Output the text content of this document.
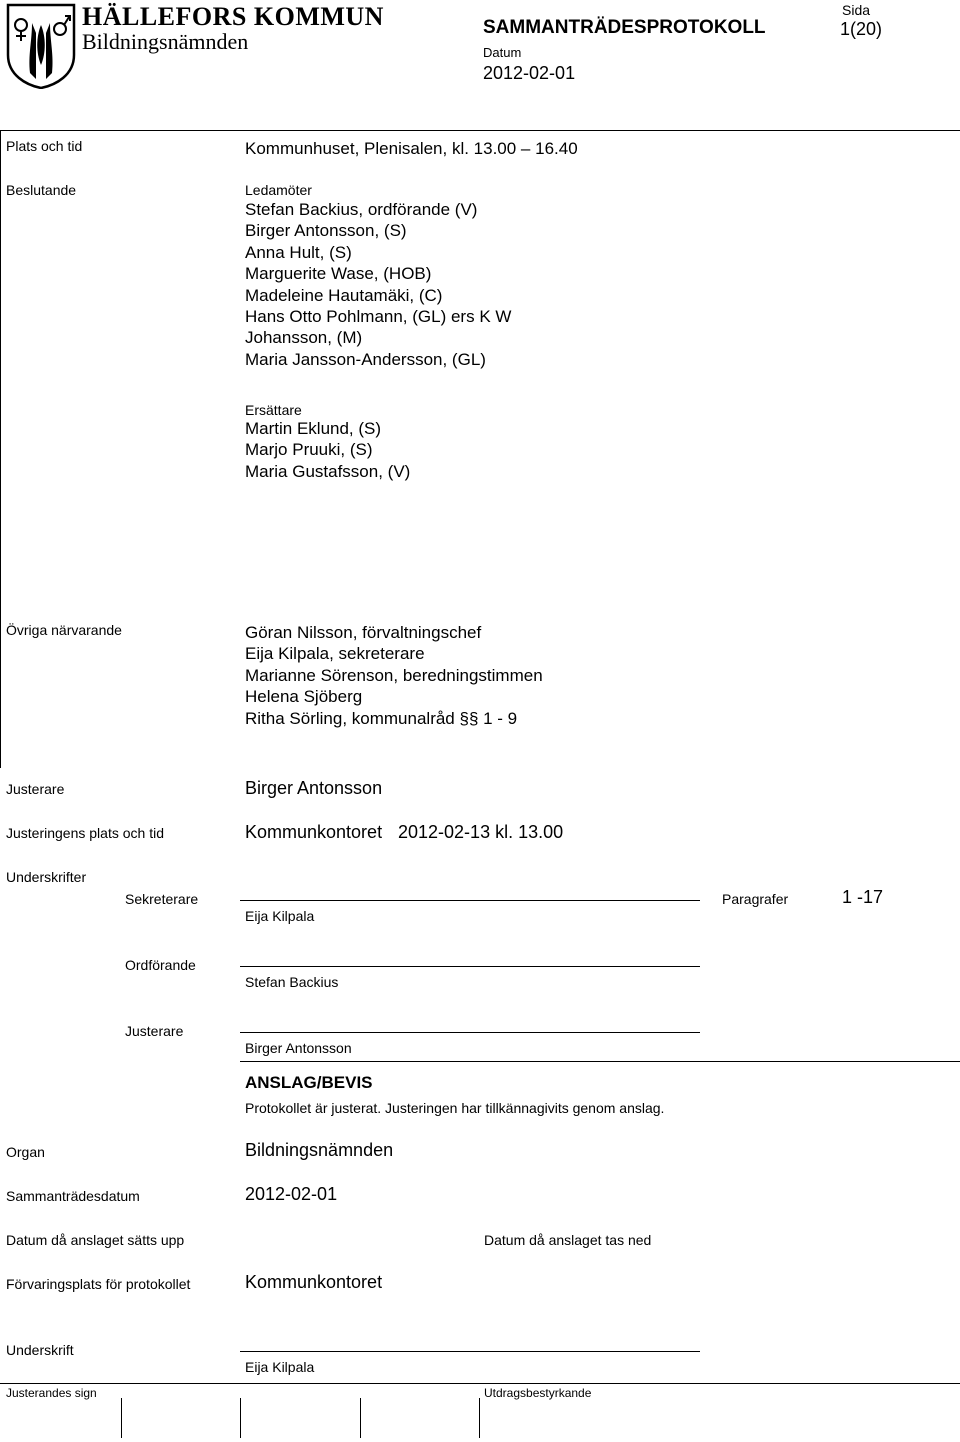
HÄLLEFORS KOMMUN
Bildningsnämnden
SAMMANTRÄDESPROTOKOLL
Sida
1(20)
Datum
2012-02-01
Plats och tid	Kommunhuset, Plenisalen, kl. 13.00 – 16.40
Beslutande	Ledamöter
Stefan Backius, ordförande (V)
Birger Antonsson, (S)
Anna Hult, (S)
Marguerite Wase, (HOB)
Madeleine Hautamäki, (C)
Hans Otto Pohlmann, (GL) ers K W
Johansson, (M)
Maria Jansson-Andersson, (GL)
Ersättare
Martin Eklund, (S)
Marjo Pruuki, (S)
Maria Gustafsson, (V)
Övriga närvarande	Göran Nilsson, förvaltningschef
Eija Kilpala, sekreterare
Marianne Sörenson, beredningstimmen
Helena Sjöberg
Ritha Sörling, kommunalråd §§ 1 - 9
Justerare	Birger Antonsson
Justeringens plats och tid	Kommunkontoret 2012-02-13 kl. 13.00
Underskrifter
Sekreterare
Eija Kilpala
Paragrafer	1 -17
Ordförande
Stefan Backius
Justerare
Birger Antonsson
ANSLAG/BEVIS
Protokollet är justerat. Justeringen har tillkännagivits genom anslag.
Organ	Bildningsnämnden
Sammanträdesdatum	2012-02-01
Datum då anslaget sätts upp	Datum då anslaget tas ned
Förvaringsplats för protokollet	Kommunkontoret
Underskrift
Eija Kilpala
Justerandes sign	Utdragsbestyrkande
